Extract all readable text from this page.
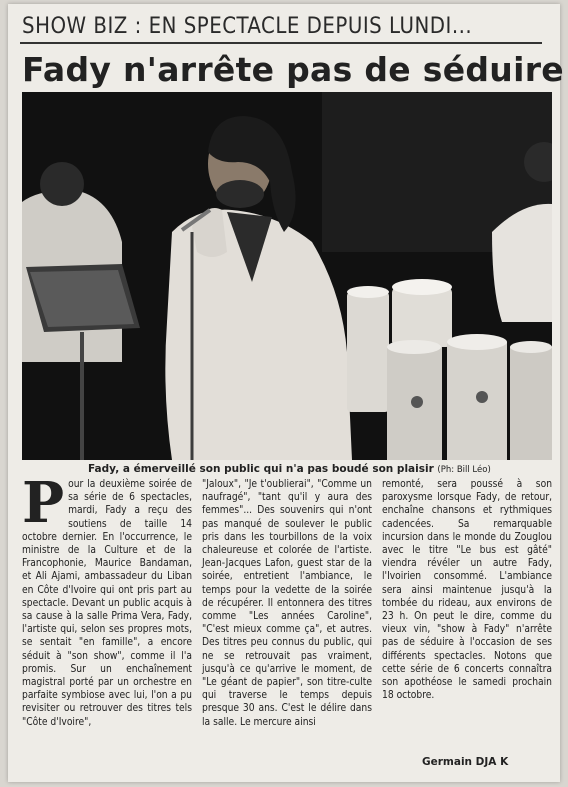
SHOW BIZ : EN SPECTACLE DEPUIS LUNDI...
Fady n'arrête pas de séduire
Fady, a émerveillé son public qui n'a pas boudé son plaisir (Ph: Bill Léo)
P our la deuxième soirée de sa série de 6 spectacles, mardi, Fady a reçu des soutiens de taille 14 octobre dernier. En l'occurrence, le ministre de la Culture et de la Francophonie, Maurice Bandaman, et Ali Ajami, ambassadeur du Liban en Côte d'Ivoire qui ont pris part au spectacle. Devant un public acquis à sa cause à la salle Prima Vera, Fady, l'artiste qui, selon ses propres mots, se sentait "en famille", a encore séduit à "son show", comme il l'a promis. Sur un enchaînement magistral porté par un orchestre en parfaite symbiose avec lui, l'on a pu revisiter ou retrouver des titres tels "Côte d'Ivoire",
"Jaloux", "Je t'oublierai", "Comme un naufragé", "tant qu'il y aura des femmes"... Des souvenirs qui n'ont pas manqué de soulever le public pris dans les tourbillons de la voix chaleureuse et colorée de l'artiste. Jean-Jacques Lafon, guest star de la soirée, entretient l'ambiance, le temps pour la vedette de la soirée de récupérer. Il entonnera des titres comme "Les années Caroline", "C'est mieux comme ça", et autres. Des titres peu connus du public, qui ne se retrouvait pas vraiment, jusqu'à ce qu'arrive le moment, de "Le géant de papier", son titre-culte qui traverse le temps depuis presque 30 ans. C'est le délire dans la salle. Le mercure ainsi
remonté, sera poussé à son paroxysme lorsque Fady, de retour, enchaîne chansons et rythmiques cadencées. Sa remarquable incursion dans le monde du Zouglou avec le titre "Le bus est gâté" viendra révéler un autre Fady, l'Ivoirien consommé. L'ambiance sera ainsi maintenue jusqu'à la tombée du rideau, aux environs de 23 h. On peut le dire, comme du vieux vin, "show à Fady" n'arrête pas de séduire à l'occasion de ses différents spectacles. Notons que cette série de 6 concerts connaîtra son apothéose le samedi prochain 18 octobre.
Germain DJA K
